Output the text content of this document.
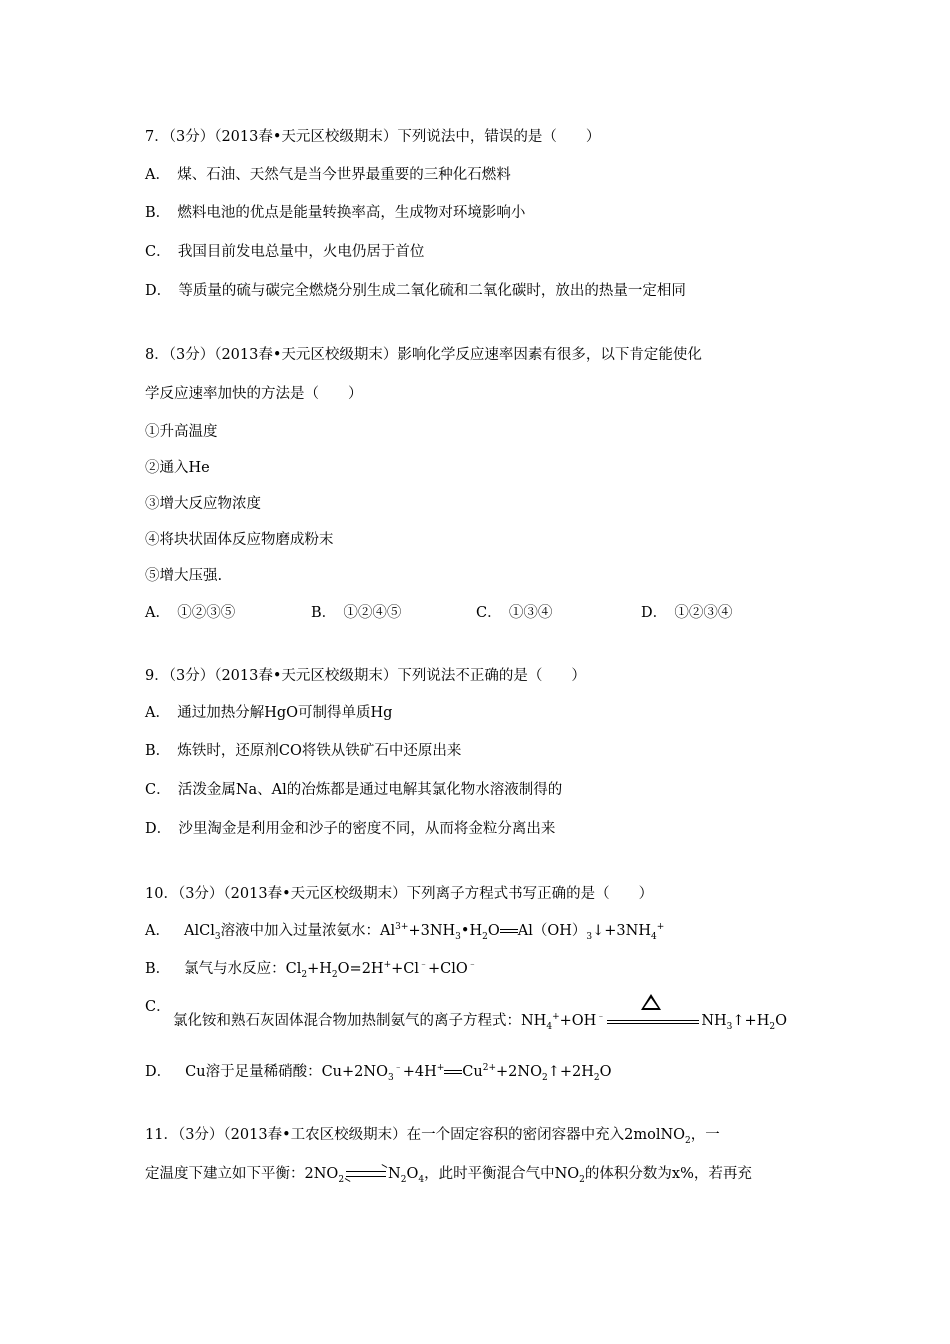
7．（3分）（2013春•天元区校级期末）下列说法中，错误的是（　　）
A．　煤、石油、天然气是当今世界最重要的三种化石燃料
B．　燃料电池的优点是能量转换率高，生成物对环境影响小
C．　我国目前发电总量中，火电仍居于首位
D．　等质量的硫与碳完全燃烧分别生成二氧化硫和二氧化碳时，放出的热量一定相同
8．（3分）（2013春•天元区校级期末）影响化学反应速率因素有很多，以下肯定能使化
学反应速率加快的方法是（　　）
①升高温度
②通入He
③增大反应物浓度
④将块状固体反应物磨成粉末
⑤增大压强.
A．　①②③⑤	B．　①②④⑤	C．　①③④	D．　①②③④
9．（3分）（2013春•天元区校级期末）下列说法不正确的是（　　）
A．　通过加热分解HgO可制得单质Hg
B．　炼铁时，还原剂CO将铁从铁矿石中还原出来
C．　活泼金属Na、Al的冶炼都是通过电解其氯化物水溶液制得的
D．　沙里淘金是利用金和沙子的密度不同，从而将金粒分离出来
10．（3分）（2013春•天元区校级期末）下列离子方程式书写正确的是（　　）
A． AlCl$_3$溶液中加入过量浓氨水：$Al^{3+}+3NH_3•H_2O$ $Al(OH)_3↓+3NH_4^+$
B． 氯气与水反应：$Cl_2+H_2O=2H^++Cl^﹣+ClO^﹣$
C．
氯化铵和熟石灰固体混合物加热制氨气的离子方程式：$NH_4^++OH^﹣$	$NH_3↑+H_2O$
D． Cu溶于足量稀硝酸：$Cu+2NO_3^﹣+4H^+$ $Cu^{2+}+2NO_2↑+2H_2O$
11．（3分）（2013春•工农区校级期末）在一个固定容积的密闭容器中充入2molNO$_2$，一
定温度下建立如下平衡：$2NO_2$	$N_2O_4$，此时平衡混合气中$NO_2$的体积分数为x%，若再充
